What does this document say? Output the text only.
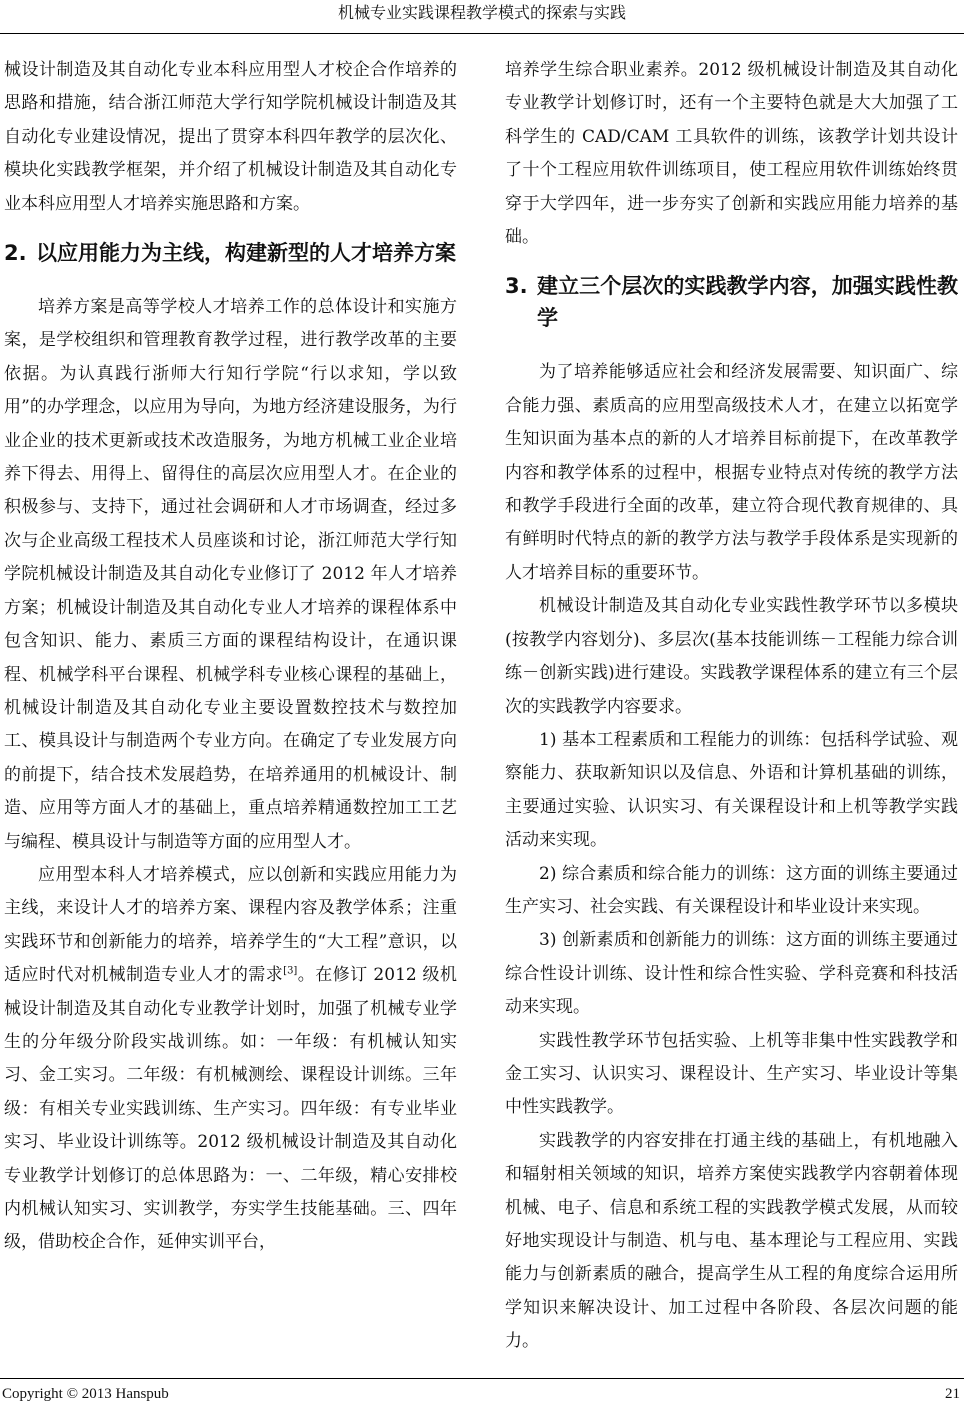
机械专业实践课程教学模式的探索与实践

械设计制造及其自动化专业本科应用型人才校企合作培养的思路和措施，结合浙江师范大学行知学院机械设计制造及其自动化专业建设情况，提出了贯穿本科四年教学的层次化、模块化实践教学框架，并介绍了机械设计制造及其自动化专业本科应用型人才培养实施思路和方案。

2. 以应用能力为主线，构建新型的人才培养方案

培养方案是高等学校人才培养工作的总体设计和实施方案，是学校组织和管理教育教学过程，进行教学改革的主要依据。为认真践行浙师大行知行学院“行以求知，学以致用”的办学理念，以应用为导向，为地方经济建设服务，为行业企业的技术更新或技术改造服务，为地方机械工业企业培养下得去、用得上、留得住的高层次应用型人才。在企业的积极参与、支持下，通过社会调研和人才市场调查，经过多次与企业高级工程技术人员座谈和讨论，浙江师范大学行知学院机械设计制造及其自动化专业修订了 2012 年人才培养方案；机械设计制造及其自动化专业人才培养的课程体系中包含知识、能力、素质三方面的课程结构设计，在通识课程、机械学科平台课程、机械学科专业核心课程的基础上，机械设计制造及其自动化专业主要设置数控技术与数控加工、模具设计与制造两个专业方向。在确定了专业发展方向的前提下，结合技术发展趋势，在培养通用的机械设计、制造、应用等方面人才的基础上，重点培养精通数控加工工艺与编程、模具设计与制造等方面的应用型人才。

应用型本科人才培养模式，应以创新和实践应用能力为主线，来设计人才的培养方案、课程内容及教学体系；注重实践环节和创新能力的培养，培养学生的“大工程”意识，以适应时代对机械制造专业人才的需求[3]。在修订 2012 级机械设计制造及其自动化专业教学计划时，加强了机械专业学生的分年级分阶段实战训练。如：一年级：有机械认知实习、金工实习。二年级：有机械测绘、课程设计训练。三年级：有相关专业实践训练、生产实习。四年级：有专业毕业实习、毕业设计训练等。2012 级机械设计制造及其自动化专业教学计划修订的总体思路为：一、二年级，精心安排校内机械认知实习、实训教学，夯实学生技能基础。三、四年级，借助校企合作，延伸实训平台，

培养学生综合职业素养。2012 级机械设计制造及其自动化专业教学计划修订时，还有一个主要特色就是大大加强了工科学生的 CAD/CAM 工具软件的训练，该教学计划共设计了十个工程应用软件训练项目，使工程应用软件训练始终贯穿于大学四年，进一步夯实了创新和实践应用能力培养的基础。

3. 建立三个层次的实践教学内容，加强实践性教学

为了培养能够适应社会和经济发展需要、知识面广、综合能力强、素质高的应用型高级技术人才，在建立以拓宽学生知识面为基本点的新的人才培养目标前提下，在改革教学内容和教学体系的过程中，根据专业特点对传统的教学方法和教学手段进行全面的改革，建立符合现代教育规律的、具有鲜明时代特点的新的教学方法与教学手段体系是实现新的人才培养目标的重要环节。

机械设计制造及其自动化专业实践性教学环节以多模块(按教学内容划分)、多层次(基本技能训练－工程能力综合训练－创新实践)进行建设。实践教学课程体系的建立有三个层次的实践教学内容要求。

1) 基本工程素质和工程能力的训练：包括科学试验、观察能力、获取新知识以及信息、外语和计算机基础的训练，主要通过实验、认识实习、有关课程设计和上机等教学实践活动来实现。

2) 综合素质和综合能力的训练：这方面的训练主要通过生产实习、社会实践、有关课程设计和毕业设计来实现。

3) 创新素质和创新能力的训练：这方面的训练主要通过综合性设计训练、设计性和综合性实验、学科竞赛和科技活动来实现。

实践性教学环节包括实验、上机等非集中性实践教学和金工实习、认识实习、课程设计、生产实习、毕业设计等集中性实践教学。

实践教学的内容安排在打通主线的基础上，有机地融入和辐射相关领域的知识，培养方案使实践教学内容朝着体现机械、电子、信息和系统工程的实践教学模式发展，从而较好地实现设计与制造、机与电、基本理论与工程应用、实践能力与创新素质的融合，提高学生从工程的角度综合运用所学知识来解决设计、加工过程中各阶段、各层次问题的能力。

Copyright © 2013 Hanspub	21
